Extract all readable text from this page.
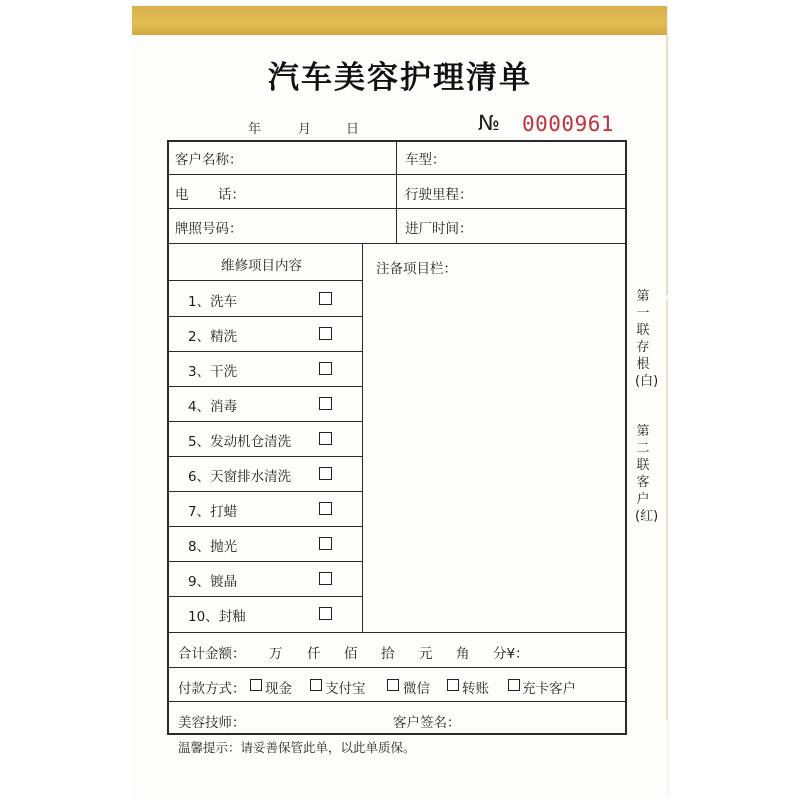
汽车美容护理清单
年	月	日	№ 0000961
客户名称：	车型：
电 话：	行驶里程：
牌照号码：	进厂时间：
维修项目内容	注备项目栏：
1、洗车
2、精洗
3、干洗
4、消毒
5、发动机仓清洗
6、天窗排水清洗
7、打蜡
8、抛光
9、镀晶
10、封釉
合计金额： 万 仟 佰 拾 元 角 分¥：
付款方式： 现金 支付宝	微信 转账 充卡客户
美容技师：	客户签名：
温馨提示：请妥善保管此单，以此单质保。
第一联存根(白)
第二联客户(红)
